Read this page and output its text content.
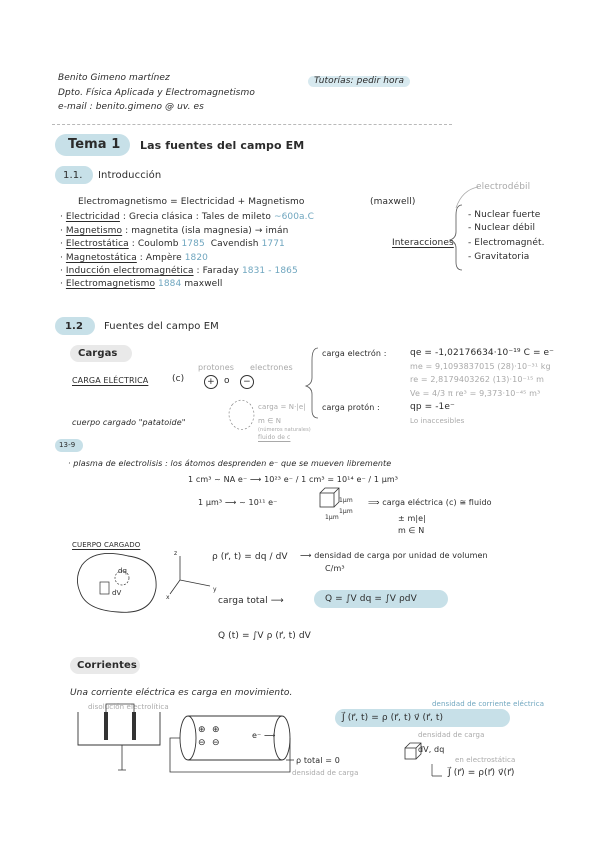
Benito Gimeno martínez
Dpto. Física Aplicada y Electromagnetismo
e-mail : benito.gimeno @ uv. es
Tutorías: pedir hora
Tema 1 Las fuentes del campo EM
1.1. Introducción
Electromagnetismo = Electricidad + Magnetismo	(maxwell)
· Electricidad : Grecia clásica : Tales de mileto ~600a.C
· Magnetismo : magnetita (isla magnesia) → imán
· Electrostática : Coulomb 1785 Cavendish 1771
· Magnetostática : Ampère 1820
· Inducción electromagnética : Faraday 1831 - 1865
· Electromagnetismo 1884 maxwell
Interacciones
electrodébil
- Nuclear fuerte
- Nuclear débil
- Electromagnét.
- Gravitatoria
1.2 Fuentes del campo EM
Cargas
CARGA ELÉCTRICA	(c)
protones electrones
+	o	−
cuerpo cargado "patatoide"
carga = N·|e|
m ∈ N
(números naturales)
fluido de c
carga electrón :	qe = -1,02176634·10⁻¹⁹ C = e⁻
me = 9,1093837015 (28)·10⁻³¹ kg
re = 2,8179403262 (13)·10⁻¹⁵ m
Ve = 4/3 π re³ = 9,373·10⁻⁴⁵ m³
carga protón :	qp = -1e⁻
Lo inaccesibles
13-9
· plasma de electrolisis : los átomos desprenden e⁻ que se mueven libremente
1 cm³ ~ NA e⁻ ⟶ 10²³ e⁻ / 1 cm³ = 10¹⁴ e⁻ / 1 μm³
1 μm³ ⟶ ~ 10¹¹ e⁻	1μm
1μm
1μm
⟹ carga eléctrica (c) ≅ fluido
± m|e|
m ∈ N
CUERPO CARGADO
dq
dV
z
y
x
ρ (r⃗, t) = dq / dV ⟶ densidad de carga por unidad de volumen
C/m³
carga total ⟶	Q = ∫V dq = ∫V ρdV
Q (t) = ∫V ρ (r⃗, t) dV
Corrientes
Una corriente eléctrica es carga en movimiento.
disolución electrolítica	densidad de corriente eléctrica
J⃗ (r⃗, t) = ρ (r⃗, t) v⃗ (r⃗, t)
densidad de carga
dV, dq
en electrostática
J⃗ (r⃗) = ρ(r⃗) v⃗(r⃗)
ρ total = 0
densidad de carga
e⁻ ⟶
⊕ ⊕
⊖ ⊖
